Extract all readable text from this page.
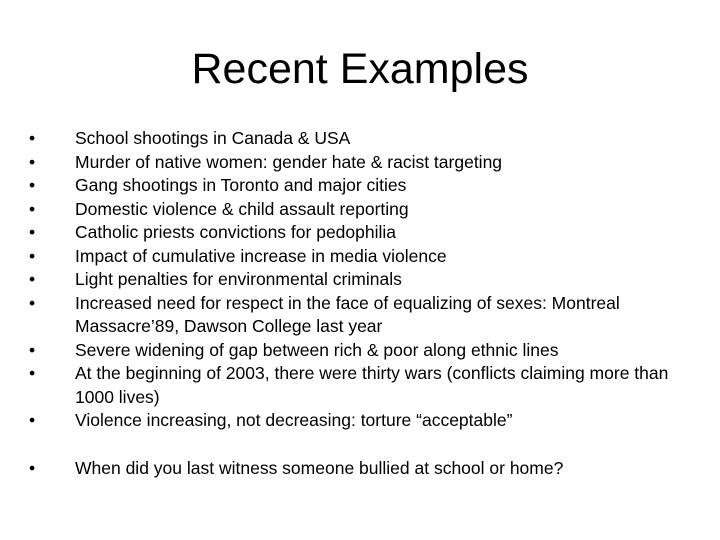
Recent Examples
•	School shootings in Canada & USA
•	Murder of native women: gender hate & racist targeting
•	Gang shootings in Toronto and major cities
•	Domestic violence & child assault reporting
•	Catholic priests convictions for pedophilia
•	Impact of cumulative increase in media violence
•	Light penalties for environmental criminals
•	Increased need for respect in the face of equalizing of sexes: Montreal Massacre’89, Dawson College last year
•	Severe widening of gap between rich & poor along ethnic lines
•	At the beginning of 2003, there were thirty wars (conflicts claiming more than 1000 lives)
•	Violence increasing, not decreasing: torture “acceptable”
•	When did you last witness someone bullied at school or home?
